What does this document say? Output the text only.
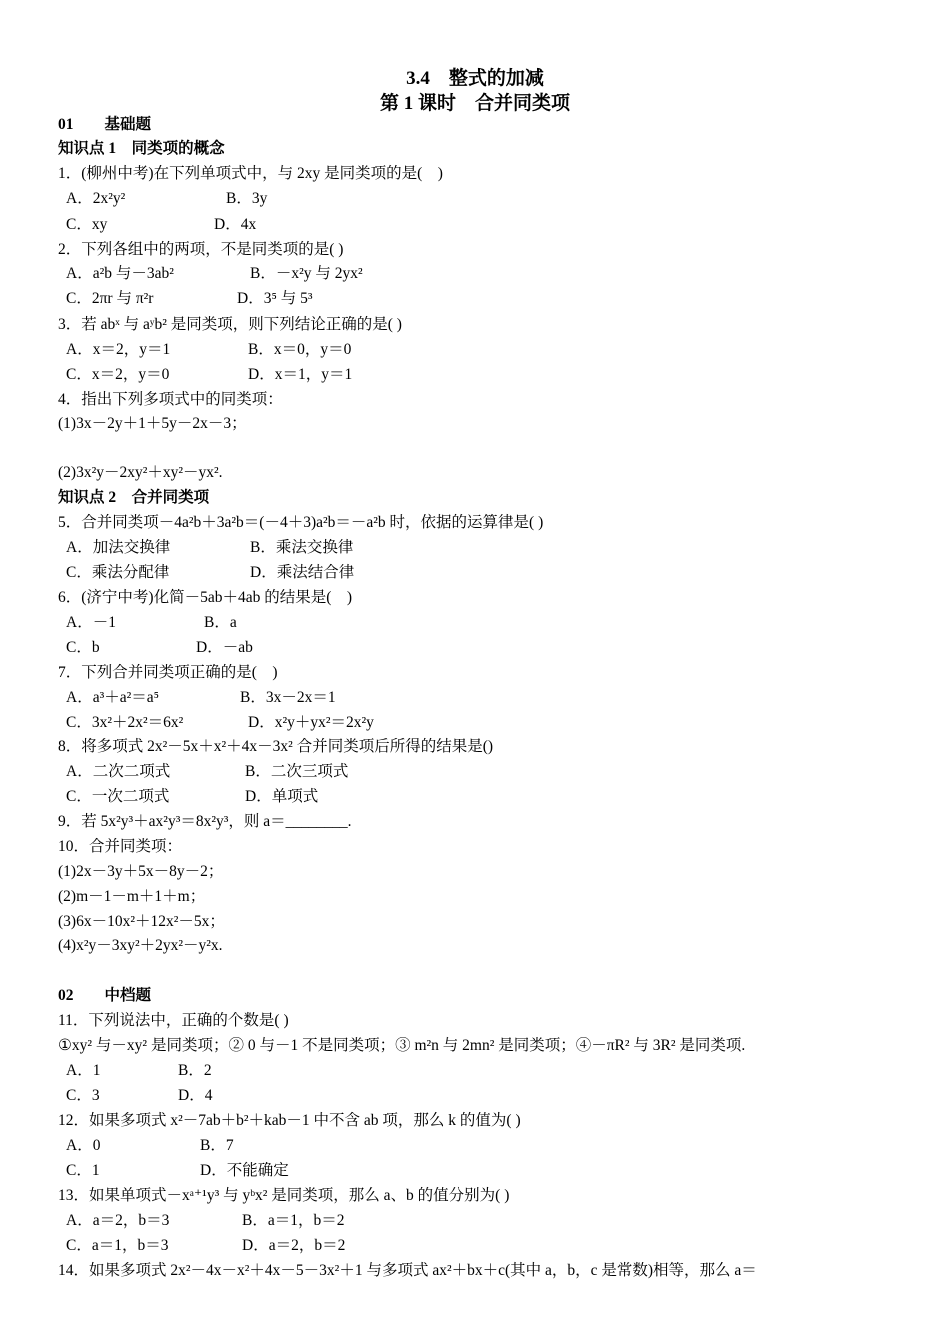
3.4　整式的加减
第 1 课时　合并同类项
01　　基础题
知识点 1　同类项的概念
1．(柳州中考)在下列单项式中，与 2xy 是同类项的是(　)
A．2x²y²	B．3y
C．xy	D．4x
2．下列各组中的两项，不是同类项的是( )
A．a²b 与－3ab²	B．－x²y 与 2yx²
C．2πr 与 π²r	D．3⁵ 与 5³
3．若 abˣ 与 aʸb² 是同类项，则下列结论正确的是( )
A．x＝2，y＝1	B．x＝0，y＝0
C．x＝2，y＝0	D．x＝1，y＝1
4．指出下列多项式中的同类项：
(1)3x－2y＋1＋5y－2x－3；
(2)3x²y－2xy²＋xy²－yx².
知识点 2　合并同类项
5．合并同类项－4a²b＋3a²b＝(－4＋3)a²b＝－a²b 时，依据的运算律是( )
A．加法交换律	B．乘法交换律
C．乘法分配律	D．乘法结合律
6．(济宁中考)化简－5ab＋4ab 的结果是(　)
A．－1	B．a
C．b	D．－ab
7．下列合并同类项正确的是(　)
A．a³＋a²＝a⁵	B．3x－2x＝1
C．3x²＋2x²＝6x²	D．x²y＋yx²＝2x²y
8．将多项式 2x²－5x＋x²＋4x－3x² 合并同类项后所得的结果是()
A．二次二项式	B．二次三项式
C．一次二项式	D．单项式
9．若 5x²y³＋ax²y³＝8x²y³，则 a＝________.
10．合并同类项：
(1)2x－3y＋5x－8y－2；
(2)m－1－m＋1＋m；
(3)6x－10x²＋12x²－5x；
(4)x²y－3xy²＋2yx²－y²x.
02　　中档题
11．下列说法中，正确的个数是( )
①xy² 与－xy² 是同类项；② 0 与－1 不是同类项；③ m²n 与 2mn² 是同类项；④－πR² 与 3R² 是同类项.
A．1	B．2
C．3	D．4
12．如果多项式 x²－7ab＋b²＋kab－1 中不含 ab 项，那么 k 的值为( )
A．0	B．7
C．1	D．不能确定
13．如果单项式－xᵃ⁺¹y³ 与 yᵇx² 是同类项，那么 a、b 的值分别为( )
A．a＝2，b＝3	B．a＝1，b＝2
C．a＝1，b＝3	D．a＝2，b＝2
14．如果多项式 2x²－4x－x²＋4x－5－3x²＋1 与多项式 ax²＋bx＋c(其中 a，b，c 是常数)相等，那么 a＝
